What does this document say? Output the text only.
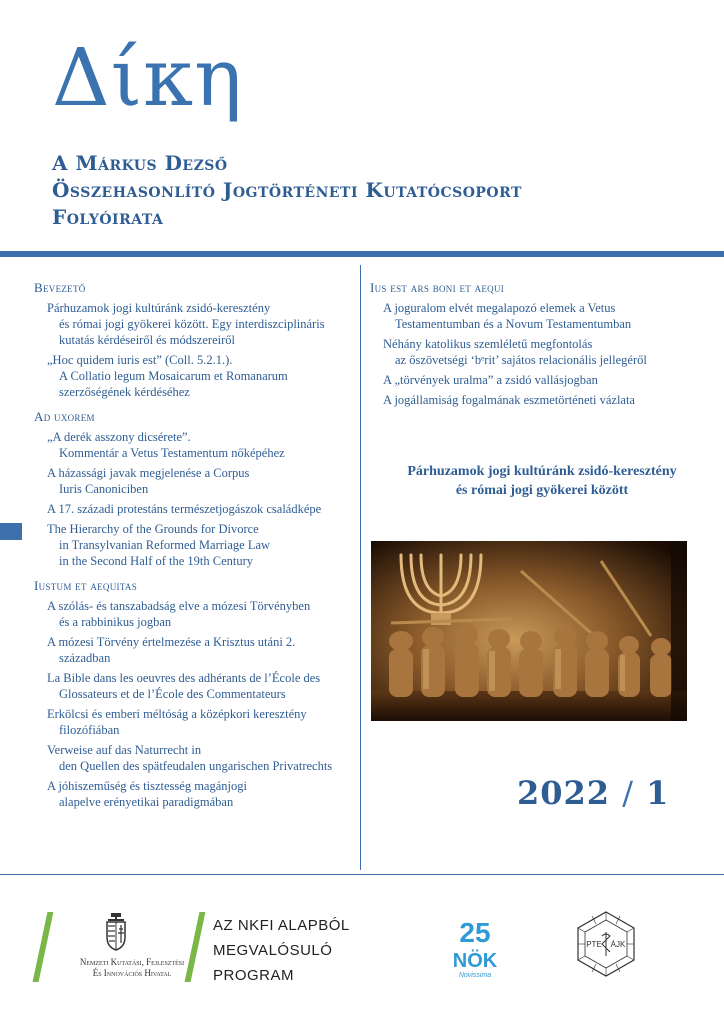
Δίκη
A Márkus Dezső
Összehasonlító Jogtörténeti Kutatócsoport
Folyóirata
Bevezető
Párhuzamok jogi kultúránk zsidó-keresztény
és római jogi gyökerei között. Egy interdiszciplináris
kutatás kérdéseiről és módszereiről
„Hoc quidem iuris est” (Coll. 5.2.1.).
A Collatio legum Mosaicarum et Romanarum
szerzőségének kérdéséhez
Ad uxorem
„A derék asszony dicsérete”.
Kommentár a Vetus Testamentum nőképéhez
A házassági javak megjelenése a Corpus
Iuris Canoniciben
A 17. századi protestáns természetjogászok családképe
The Hierarchy of the Grounds for Divorce
in Transylvanian Reformed Marriage Law
in the Second Half of the 19th Century
Iustum et aequitas
A szólás- és tanszabadság elve a mózesi Törvényben
és a rabbinikus jogban
A mózesi Törvény értelmezése a Krisztus utáni 2.
században
La Bible dans les oeuvres des adhérants de l’École des
Glossateurs et de l’École des Commentateurs
Erkölcsi és emberi méltóság a középkori keresztény
filozófiában
Verweise auf das Naturrecht in
den Quellen des spätfeudalen ungarischen Privatrechts
A jóhiszeműség és tisztesség magánjogi
alapelve erényetikai paradigmában
Ius est ars boni et aequi
A joguralom elvét megalapozó elemek a Vetus
Testamentumban és a Novum Testamentumban
Néhány katolikus szemléletű megfontolás
az őszövetségi ‘bᵉrit’ sajátos relacionális jellegéről
A „törvények uralma” a zsidó vallásjogban
A jogállamiság fogalmának eszmetörténeti vázlata
Párhuzamok jogi kultúránk zsidó-keresztény
és római jogi gyökerei között
2022 / 1
Nemzeti Kutatási, Fejlesztési
És Innovációs Hivatal
AZ NKFI ALAPBÓL
MEGVALÓSULÓ
PROGRAM
25
NÖK
Novissima
PTE ÁJK
